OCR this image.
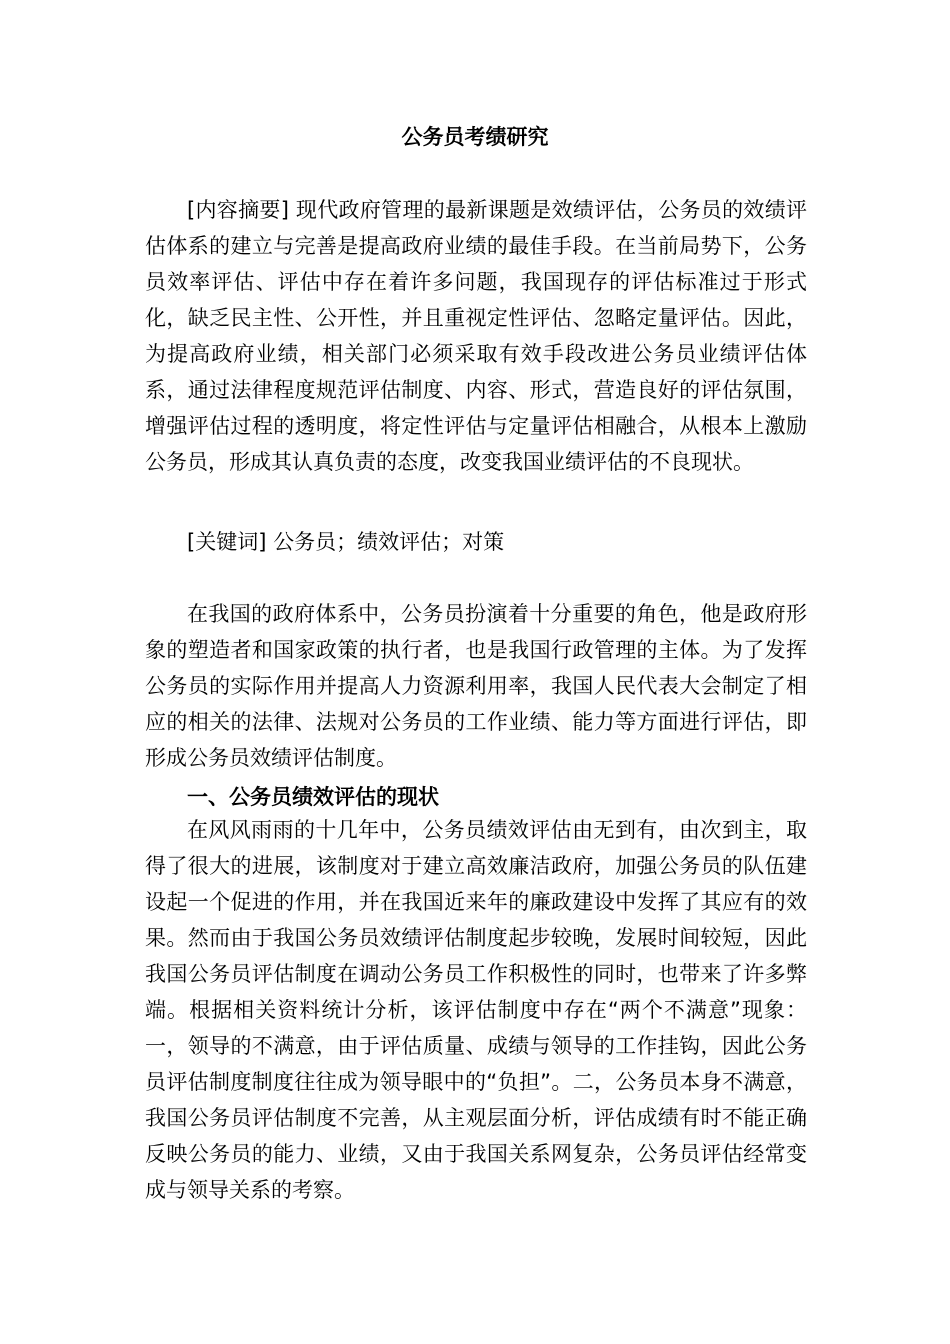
公务员考绩研究

[内容摘要] 现代政府管理的最新课题是效绩评估，公务员的效绩评估体系的建立与完善是提高政府业绩的最佳手段。在当前局势下，公务员效率评估、评估中存在着许多问题，我国现存的评估标准过于形式化，缺乏民主性、公开性，并且重视定性评估、忽略定量评估。因此，为提高政府业绩，相关部门必须采取有效手段改进公务员业绩评估体系，通过法律程度规范评估制度、内容、形式，营造良好的评估氛围，增强评估过程的透明度，将定性评估与定量评估相融合，从根本上激励公务员，形成其认真负责的态度，改变我国业绩评估的不良现状。

[关键词] 公务员；绩效评估；对策

在我国的政府体系中，公务员扮演着十分重要的角色，他是政府形象的塑造者和国家政策的执行者，也是我国行政管理的主体。为了发挥公务员的实际作用并提高人力资源利用率，我国人民代表大会制定了相应的相关的法律、法规对公务员的工作业绩、能力等方面进行评估，即形成公务员效绩评估制度。

一、公务员绩效评估的现状

在风风雨雨的十几年中，公务员绩效评估由无到有，由次到主，取得了很大的进展，该制度对于建立高效廉洁政府，加强公务员的队伍建设起一个促进的作用，并在我国近来年的廉政建设中发挥了其应有的效果。然而由于我国公务员效绩评估制度起步较晚，发展时间较短，因此我国公务员评估制度在调动公务员工作积极性的同时，也带来了许多弊端。根据相关资料统计分析，该评估制度中存在“两个不满意”现象：一，领导的不满意，由于评估质量、成绩与领导的工作挂钩，因此公务员评估制度制度往往成为领导眼中的“负担”。二，公务员本身不满意，我国公务员评估制度不完善，从主观层面分析，评估成绩有时不能正确反映公务员的能力、业绩，又由于我国关系网复杂，公务员评估经常变成与领导关系的考察。
